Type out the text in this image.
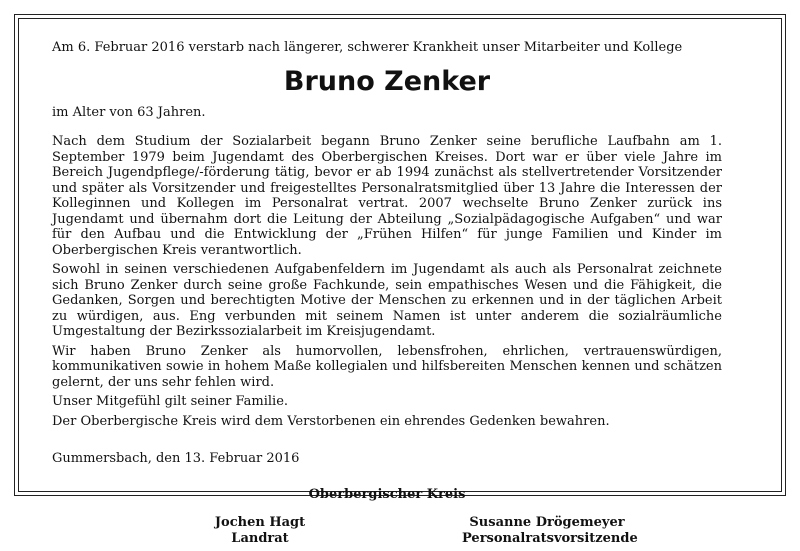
Am 6. Februar 2016 verstarb nach längerer, schwerer Krankheit unser Mitarbeiter und Kollege

Bruno Zenker

im Alter von 63 Jahren.

Nach dem Studium der Sozialarbeit begann Bruno Zenker seine berufliche Laufbahn am 1. September 1979 beim Jugendamt des Oberbergischen Kreises. Dort war er über viele Jahre im Bereich Jugendpflege/-förderung tätig, bevor er ab 1994 zunächst als stellvertretender Vorsitzender und später als Vorsitzender und freigestelltes Personalratsmitglied über 13 Jahre die Interessen der Kolleginnen und Kollegen im Personalrat vertrat. 2007 wechselte Bruno Zenker zurück ins Jugendamt und übernahm dort die Leitung der Abteilung „Sozialpädagogische Aufgaben“ und war für den Aufbau und die Entwicklung der „Frühen Hilfen“ für junge Familien und Kinder im Oberbergischen Kreis verantwortlich.

Sowohl in seinen verschiedenen Aufgabenfeldern im Jugendamt als auch als Personalrat zeichnete sich Bruno Zenker durch seine große Fachkunde, sein empathisches Wesen und die Fähigkeit, die Gedanken, Sorgen und berechtigten Motive der Menschen zu erkennen und in der täglichen Arbeit zu würdigen, aus. Eng verbunden mit seinem Namen ist unter anderem die sozialräumliche Umgestaltung der Bezirkssozialarbeit im Kreisjugendamt.

Wir haben Bruno Zenker als humorvollen, lebensfrohen, ehrlichen, vertrauenswürdigen, kommunikativen sowie in hohem Maße kollegialen und hilfsbereiten Menschen kennen und schätzen gelernt, der uns sehr fehlen wird.

Unser Mitgefühl gilt seiner Familie.

Der Oberbergische Kreis wird dem Verstorbenen ein ehrendes Gedenken bewahren.

Gummersbach, den 13. Februar 2016

Oberbergischer Kreis
Jochen Hagt
Landrat
Susanne Drögemeyer
Personalratsvorsitzende
